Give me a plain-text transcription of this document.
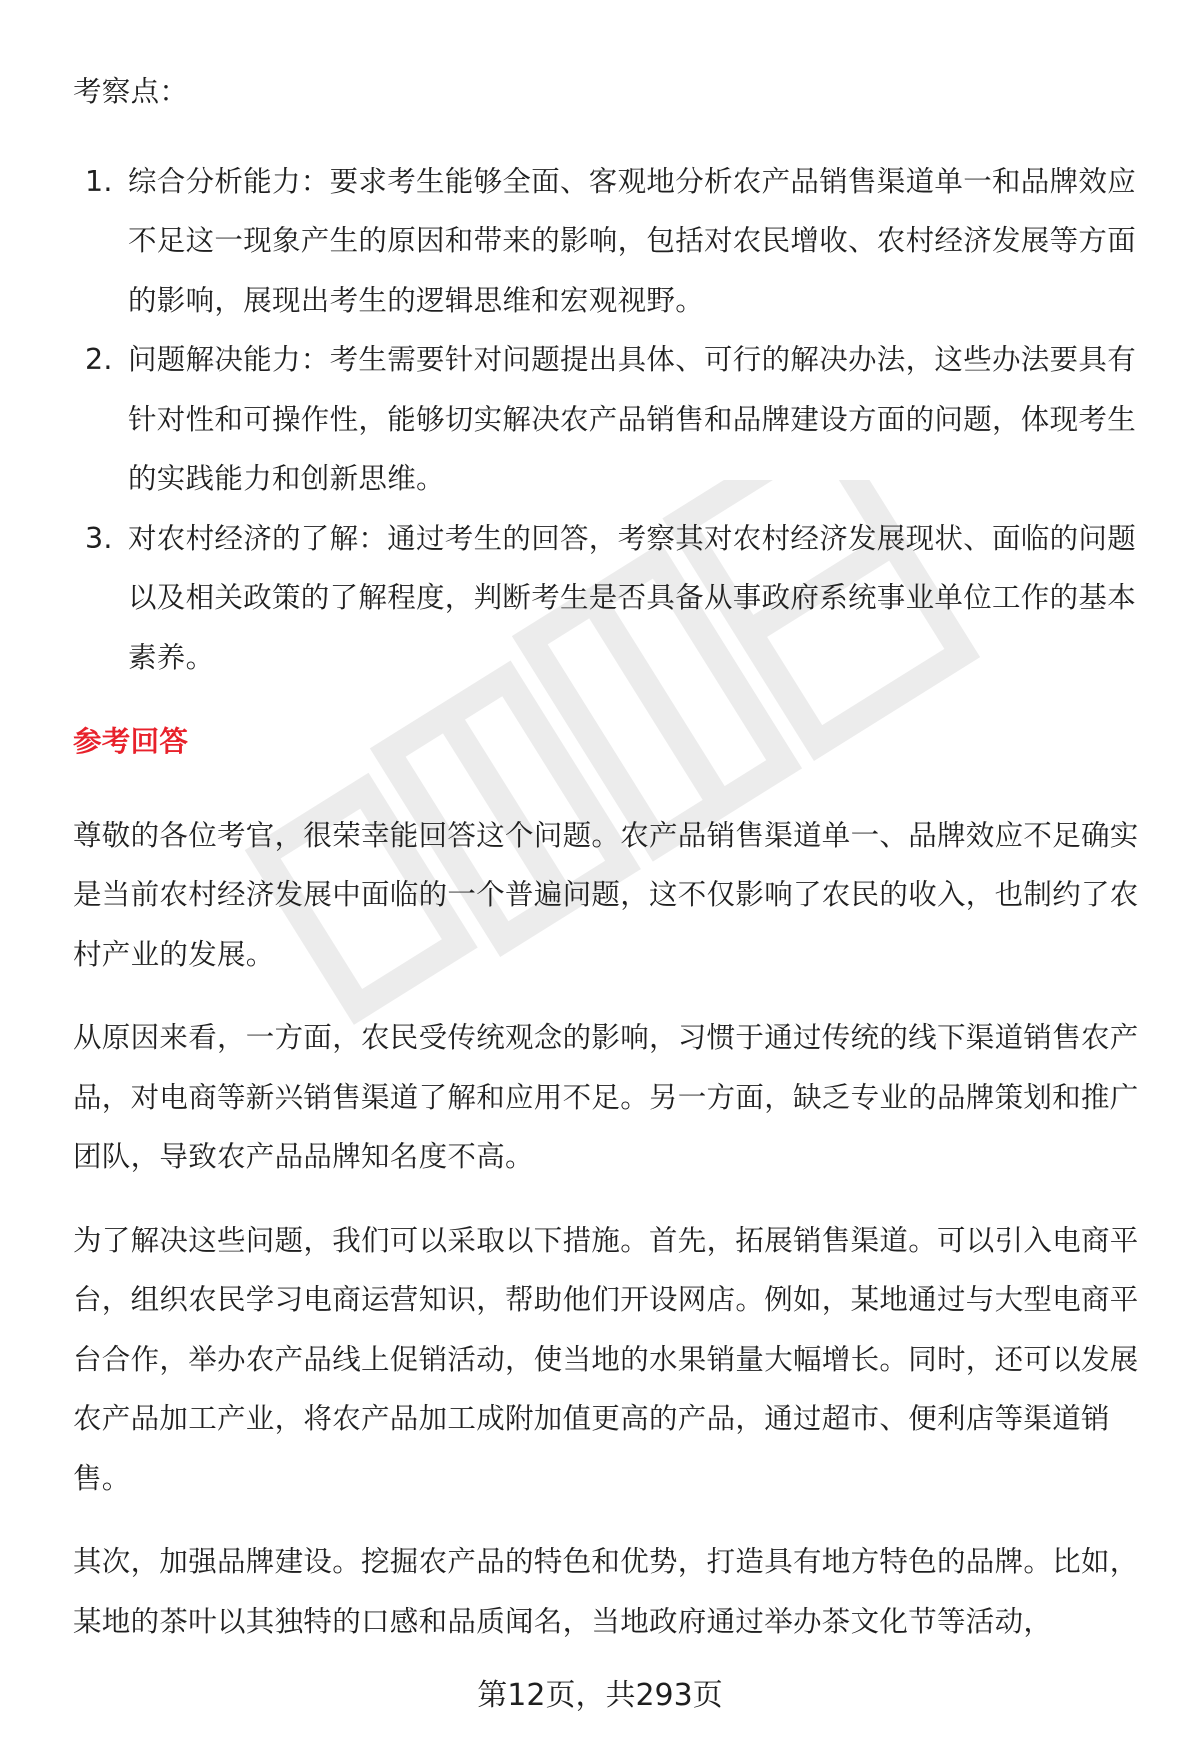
考察点：

1. 综合分析能力：要求考生能够全面、客观地分析农产品销售渠道单一和品牌效应不足这一现象产生的原因和带来的影响，包括对农民增收、农村经济发展等方面的影响，展现出考生的逻辑思维和宏观视野。
2. 问题解决能力：考生需要针对问题提出具体、可行的解决办法，这些办法要具有针对性和可操作性，能够切实解决农产品销售和品牌建设方面的问题，体现考生的实践能力和创新思维。
3. 对农村经济的了解：通过考生的回答，考察其对农村经济发展现状、面临的问题以及相关政策的了解程度，判断考生是否具备从事政府系统事业单位工作的基本素养。

参考回答

尊敬的各位考官，很荣幸能回答这个问题。农产品销售渠道单一、品牌效应不足确实是当前农村经济发展中面临的一个普遍问题，这不仅影响了农民的收入，也制约了农村产业的发展。

从原因来看，一方面，农民受传统观念的影响，习惯于通过传统的线下渠道销售农产品，对电商等新兴销售渠道了解和应用不足。另一方面，缺乏专业的品牌策划和推广团队，导致农产品品牌知名度不高。

为了解决这些问题，我们可以采取以下措施。首先，拓展销售渠道。可以引入电商平台，组织农民学习电商运营知识，帮助他们开设网店。例如，某地通过与大型电商平台合作，举办农产品线上促销活动，使当地的水果销量大幅增长。同时，还可以发展农产品加工产业，将农产品加工成附加值更高的产品，通过超市、便利店等渠道销售。

其次，加强品牌建设。挖掘农产品的特色和优势，打造具有地方特色的品牌。比如，某地的茶叶以其独特的口感和品质闻名，当地政府通过举办茶文化节等活动，

第12页，共293页
